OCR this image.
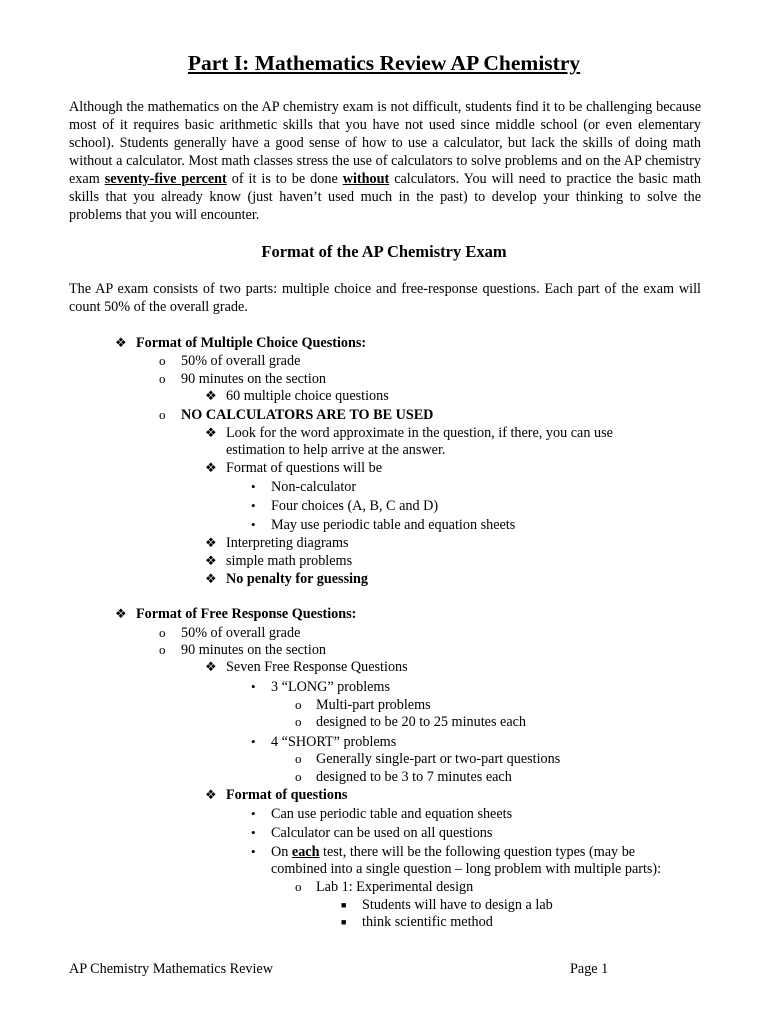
Part I: Mathematics Review AP Chemistry
Although the mathematics on the AP chemistry exam is not difficult, students find it to be challenging because most of it requires basic arithmetic skills that you have not used since middle school (or even elementary school). Students generally have a good sense of how to use a calculator, but lack the skills of doing math without a calculator. Most math classes stress the use of calculators to solve problems and on the AP chemistry exam seventy-five percent of it is to be done without calculators. You will need to practice the basic math skills that you already know (just haven’t used much in the past) to develop your thinking to solve the problems that you will encounter.
Format of the AP Chemistry Exam
The AP exam consists of two parts: multiple choice and free-response questions. Each part of the exam will count 50% of the overall grade.
❖ Format of Multiple Choice Questions:
o 50% of overall grade
o 90 minutes on the section
❖ 60 multiple choice questions
o NO CALCULATORS ARE TO BE USED
❖ Look for the word approximate in the question, if there, you can use
estimation to help arrive at the answer.
❖ Format of questions will be
• Non-calculator
• Four choices (A, B, C and D)
• May use periodic table and equation sheets
❖ Interpreting diagrams
❖ simple math problems
❖ No penalty for guessing
❖ Format of Free Response Questions:
o 50% of overall grade
o 90 minutes on the section
❖ Seven Free Response Questions
• 3 “LONG” problems
o Multi-part problems
o designed to be 20 to 25 minutes each
• 4 “SHORT” problems
o Generally single-part or two-part questions
o designed to be 3 to 7 minutes each
❖ Format of questions
• Can use periodic table and equation sheets
• Calculator can be used on all questions
• On each test, there will be the following question types (may be
combined into a single question – long problem with multiple parts):
o Lab 1: Experimental design
■ Students will have to design a lab
■ think scientific method
AP Chemistry Mathematics Review	Page 1
